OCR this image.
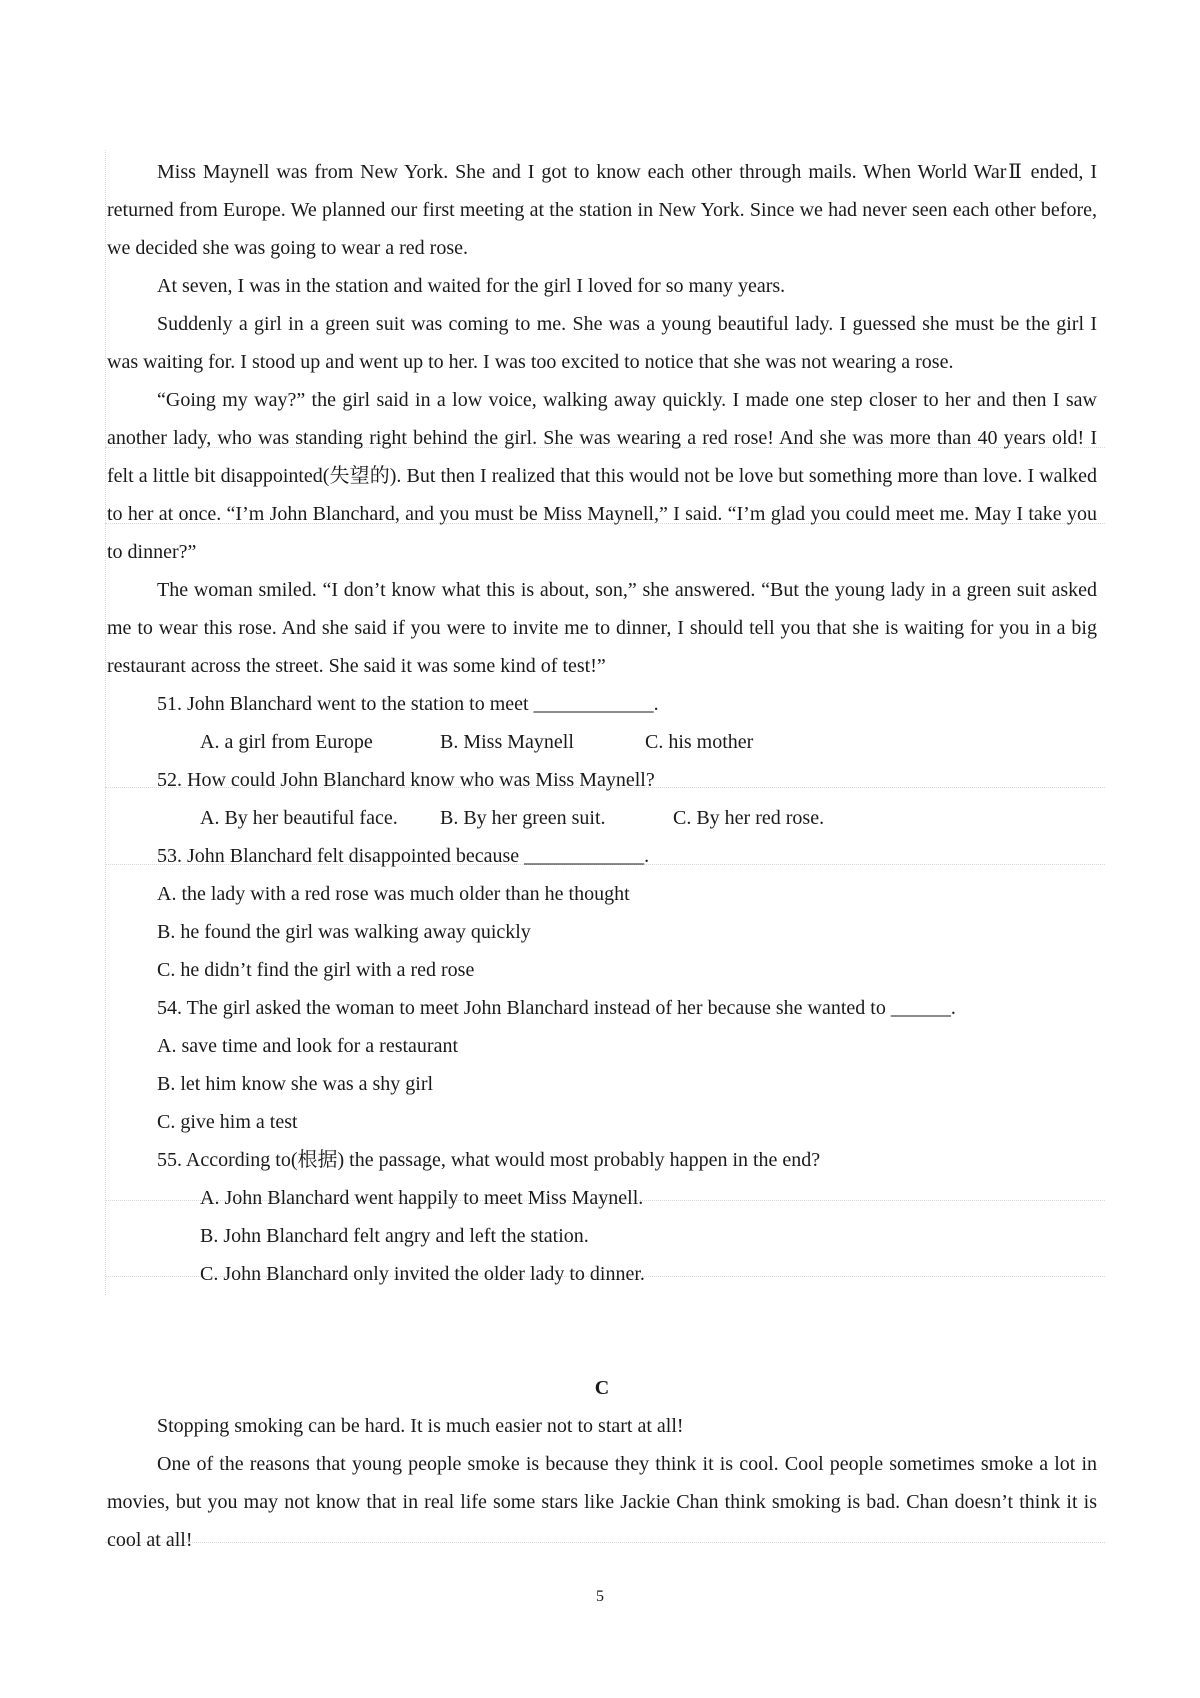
Miss Maynell was from New York. She and I got to know each other through mails. When World WarⅡ ended, I returned from Europe. We planned our first meeting at the station in New York. Since we had never seen each other before, we decided she was going to wear a red rose.

At seven, I was in the station and waited for the girl I loved for so many years.

Suddenly a girl in a green suit was coming to me. She was a young beautiful lady. I guessed she must be the girl I was waiting for. I stood up and went up to her. I was too excited to notice that she was not wearing a rose.

“Going my way?” the girl said in a low voice, walking away quickly. I made one step closer to her and then I saw another lady, who was standing right behind the girl. She was wearing a red rose! And she was more than 40 years old! I felt a little bit disappointed(失望的). But then I realized that this would not be love but something more than love. I walked to her at once. “I’m John Blanchard, and you must be Miss Maynell,” I said. “I’m glad you could meet me. May I take you to dinner?”

The woman smiled. “I don’t know what this is about, son,” she answered. “But the young lady in a green suit asked me to wear this rose. And she said if you were to invite me to dinner, I should tell you that she is waiting for you in a big restaurant across the street. She said it was some kind of test!”

51. John Blanchard went to the station to meet ____________.

A. a girl from Europe	B. Miss Maynell	C. his mother

52. How could John Blanchard know who was Miss Maynell?

A. By her beautiful face.	B. By her green suit.	C. By her red rose.

53. John Blanchard felt disappointed because ____________.

A. the lady with a red rose was much older than he thought

B. he found the girl was walking away quickly

C. he didn’t find the girl with a red rose

54. The girl asked the woman to meet John Blanchard instead of her because she wanted to ______.

A. save time and look for a restaurant

B. let him know she was a shy girl

C. give him a test

55. According to(根据) the passage, what would most probably happen in the end?

A. John Blanchard went happily to meet Miss Maynell.

B. John Blanchard felt angry and left the station.

C. John Blanchard only invited the older lady to dinner.

C

Stopping smoking can be hard. It is much easier not to start at all!

One of the reasons that young people smoke is because they think it is cool. Cool people sometimes smoke a lot in movies, but you may not know that in real life some stars like Jackie Chan think smoking is bad. Chan doesn’t think it is cool at all!

5
